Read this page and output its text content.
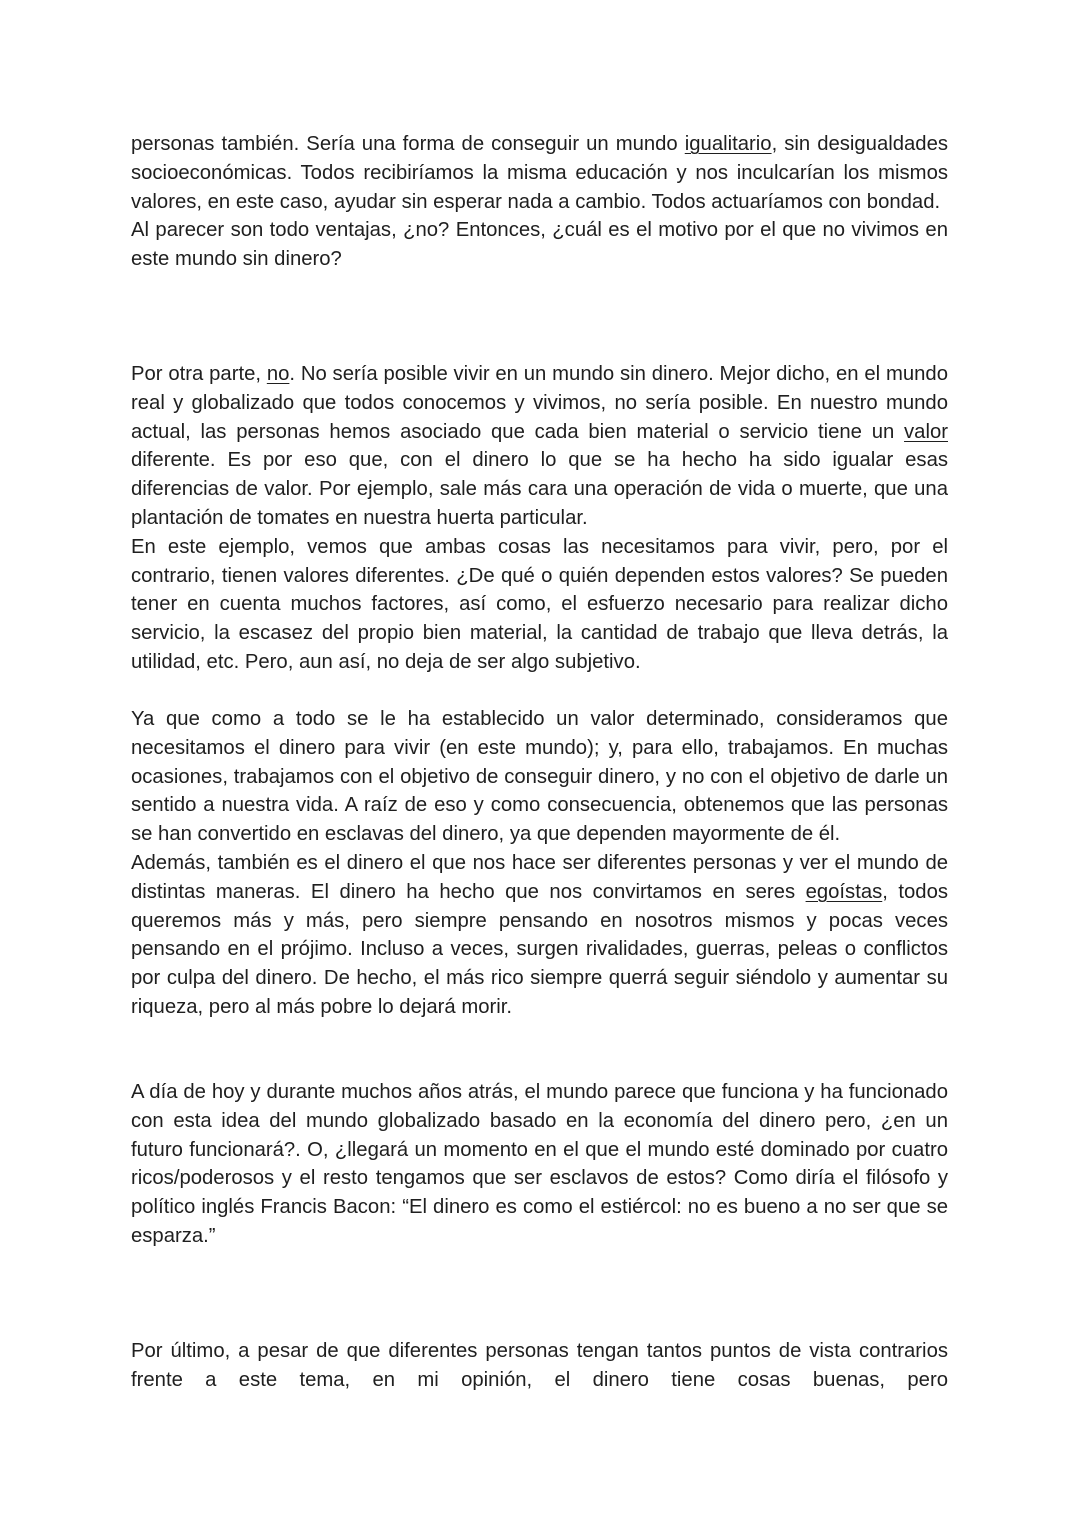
personas también. Sería una forma de conseguir un mundo igualitario, sin desigualdades socioeconómicas. Todos recibiríamos la misma educación y nos inculcarían los mismos valores, en este caso, ayudar sin esperar nada a cambio. Todos actuaríamos con bondad.

Al parecer son todo ventajas, ¿no? Entonces, ¿cuál es el motivo por el que no vivimos en este mundo sin dinero?

Por otra parte, no. No sería posible vivir en un mundo sin dinero. Mejor dicho, en el mundo real y globalizado que todos conocemos y vivimos, no sería posible. En nuestro mundo actual, las personas hemos asociado que cada bien material o servicio tiene un valor diferente. Es por eso que, con el dinero lo que se ha hecho ha sido igualar esas diferencias de valor. Por ejemplo, sale más cara una operación de vida o muerte, que una plantación de tomates en nuestra huerta particular.

En este ejemplo, vemos que ambas cosas las necesitamos para vivir, pero, por el contrario, tienen valores diferentes. ¿De qué o quién dependen estos valores? Se pueden tener en cuenta muchos factores, así como, el esfuerzo necesario para realizar dicho servicio, la escasez del propio bien material, la cantidad de trabajo que lleva detrás, la utilidad, etc. Pero, aun así, no deja de ser algo subjetivo.

Ya que como a todo se le ha establecido un valor determinado, consideramos que necesitamos el dinero para vivir (en este mundo); y, para ello, trabajamos. En muchas ocasiones, trabajamos con el objetivo de conseguir dinero, y no con el objetivo de darle un sentido a nuestra vida. A raíz de eso y como consecuencia, obtenemos que las personas se han convertido en esclavas del dinero, ya que dependen mayormente de él.

Además, también es el dinero el que nos hace ser diferentes personas y ver el mundo de distintas maneras. El dinero ha hecho que nos convirtamos en seres egoístas, todos queremos más y más, pero siempre pensando en nosotros mismos y pocas veces pensando en el prójimo. Incluso a veces, surgen rivalidades, guerras, peleas o conflictos por culpa del dinero. De hecho, el más rico siempre querrá seguir siéndolo y aumentar su riqueza, pero al más pobre lo dejará morir.

A día de hoy y durante muchos años atrás, el mundo parece que funciona y ha funcionado con esta idea del mundo globalizado basado en la economía del dinero pero, ¿en un futuro funcionará?. O, ¿llegará un momento en el que el mundo esté dominado por cuatro ricos/poderosos y el resto tengamos que ser esclavos de estos? Como diría el filósofo y político inglés Francis Bacon: “El dinero es como el estiércol: no es bueno a no ser que se esparza.”

Por último, a pesar de que diferentes personas tengan tantos puntos de vista contrarios frente a este tema, en mi opinión, el dinero tiene cosas buenas, pero
